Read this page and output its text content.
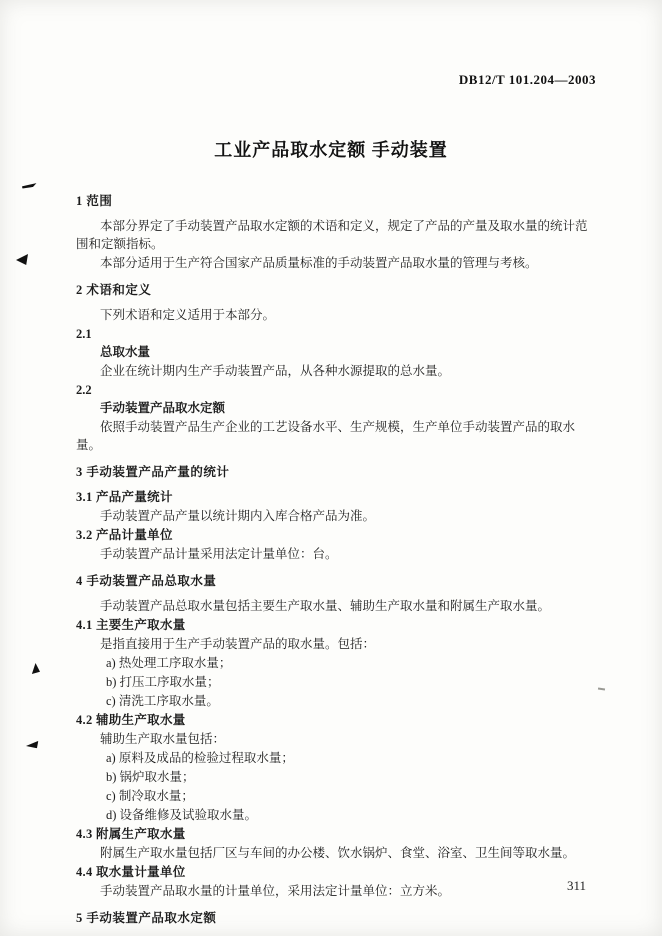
DB12/T 101.204—2003
工业产品取水定额 手动装置
1 范围
本部分界定了手动装置产品取水定额的术语和定义，规定了产品的产量及取水量的统计范围和定额指标。
本部分适用于生产符合国家产品质量标准的手动装置产品取水量的管理与考核。
2 术语和定义
下列术语和定义适用于本部分。
2.1
总取水量
企业在统计期内生产手动装置产品，从各种水源提取的总水量。
2.2
手动装置产品取水定额
依照手动装置产品生产企业的工艺设备水平、生产规模，生产单位手动装置产品的取水量。
3 手动装置产品产量的统计
3.1 产品产量统计
手动装置产品产量以统计期内入库合格产品为准。
3.2 产品计量单位
手动装置产品计量采用法定计量单位：台。
4 手动装置产品总取水量
手动装置产品总取水量包括主要生产取水量、辅助生产取水量和附属生产取水量。
4.1 主要生产取水量
是指直接用于生产手动装置产品的取水量。包括：
a) 热处理工序取水量；
b) 打压工序取水量；
c) 清洗工序取水量。
4.2 辅助生产取水量
辅助生产取水量包括：
a) 原料及成品的检验过程取水量；
b) 锅炉取水量；
c) 制冷取水量；
d) 设备维修及试验取水量。
4.3 附属生产取水量
附属生产取水量包括厂区与车间的办公楼、饮水锅炉、食堂、浴室、卫生间等取水量。
4.4 取水量计量单位
手动装置产品取水量的计量单位，采用法定计量单位：立方米。
5 手动装置产品取水定额
311
